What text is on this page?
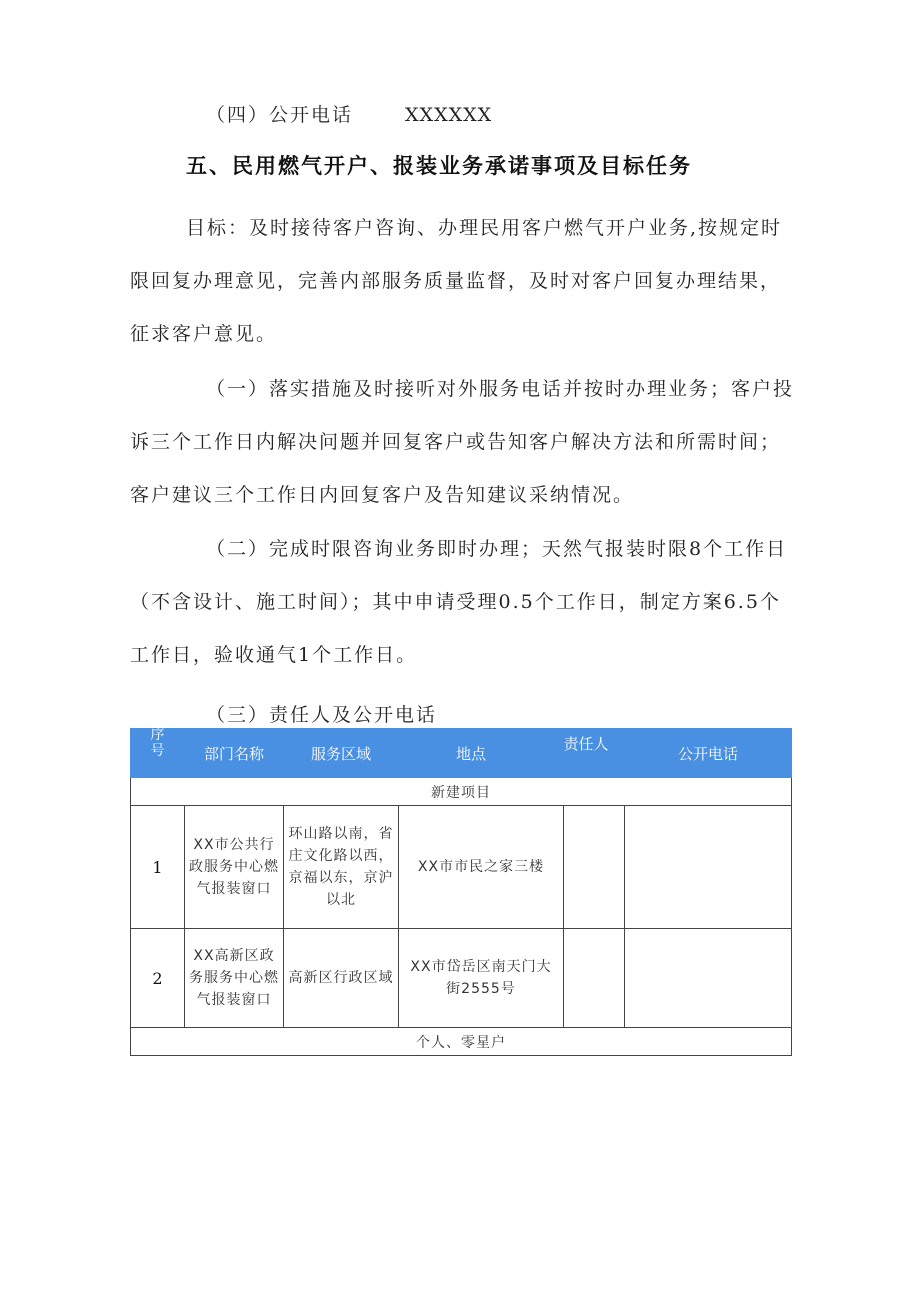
（四）公开电话	XXXXXX
五、民用燃气开户、报装业务承诺事项及目标任务

目标：及时接待客户咨询、办理民用客户燃气开户业务,按规定时限回复办理意见，完善内部服务质量监督，及时对客户回复办理结果，征求客户意见。

（一）落实措施及时接听对外服务电话并按时办理业务；客户投诉三个工作日内解决问题并回复客户或告知客户解决方法和所需时间；客户建议三个工作日内回复客户及告知建议采纳情况。

（二）完成时限咨询业务即时办理；天然气报装时限8个工作日（不含设计、施工时间）；其中申请受理0.5个工作日，制定方案6.5个工作日，验收通气1个工作日。

（三）责任人及公开电话
序
号	部门名称	服务区域	地点	责任人	公开电话
新建项目					
1	XX市公共行政服务中心燃气报装窗口	环山路以南，省庄文化路以西，京福以东，京沪以北	XX市市民之家三楼		

2	XX高新区政务服务中心燃气报装窗口	高新区行政区域	XX市岱岳区南天门大街2555号		

个人、零星户					
